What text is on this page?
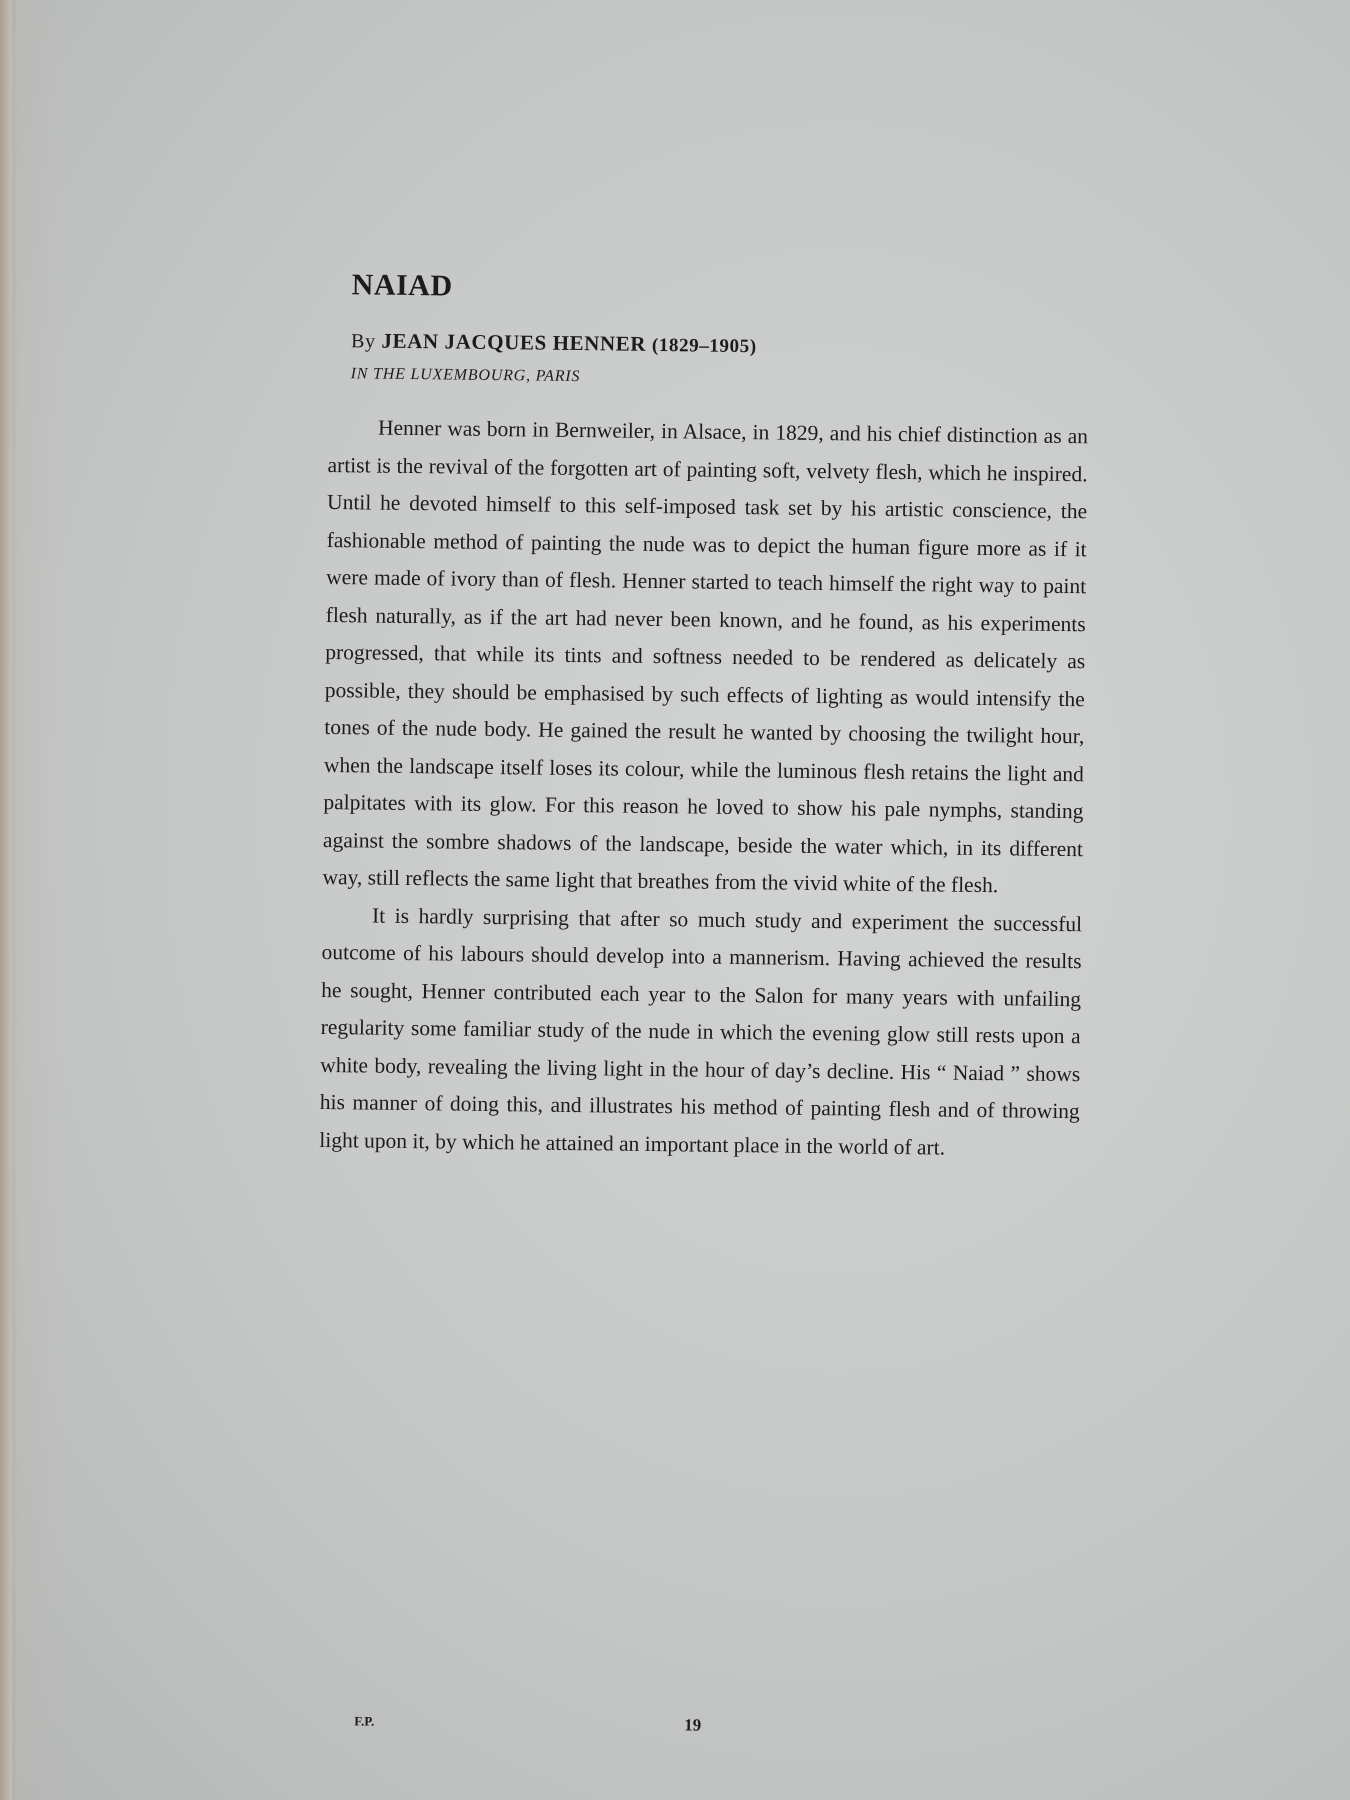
NAIAD
By JEAN JACQUES HENNER (1829–1905)
IN THE LUXEMBOURG, PARIS

Henner was born in Bernweiler, in Alsace, in 1829, and his chief distinction as an artist is the revival of the forgotten art of painting soft, velvety flesh, which he inspired. Until he devoted himself to this self-imposed task set by his artistic conscience, the fashionable method of painting the nude was to depict the human figure more as if it were made of ivory than of flesh. Henner started to teach himself the right way to paint flesh naturally, as if the art had never been known, and he found, as his experiments progressed, that while its tints and softness needed to be rendered as delicately as possible, they should be emphasised by such effects of lighting as would intensify the tones of the nude body. He gained the result he wanted by choosing the twilight hour, when the landscape itself loses its colour, while the luminous flesh retains the light and palpitates with its glow. For this reason he loved to show his pale nymphs, standing against the sombre shadows of the landscape, beside the water which, in its different way, still reflects the same light that breathes from the vivid white of the flesh.

It is hardly surprising that after so much study and experiment the successful outcome of his labours should develop into a mannerism. Having achieved the results he sought, Henner contributed each year to the Salon for many years with unfailing regularity some familiar study of the nude in which the evening glow still rests upon a white body, revealing the living light in the hour of day’s decline. His “ Naiad ” shows his manner of doing this, and illustrates his method of painting flesh and of throwing light upon it, by which he attained an important place in the world of art.

F.P.	19
